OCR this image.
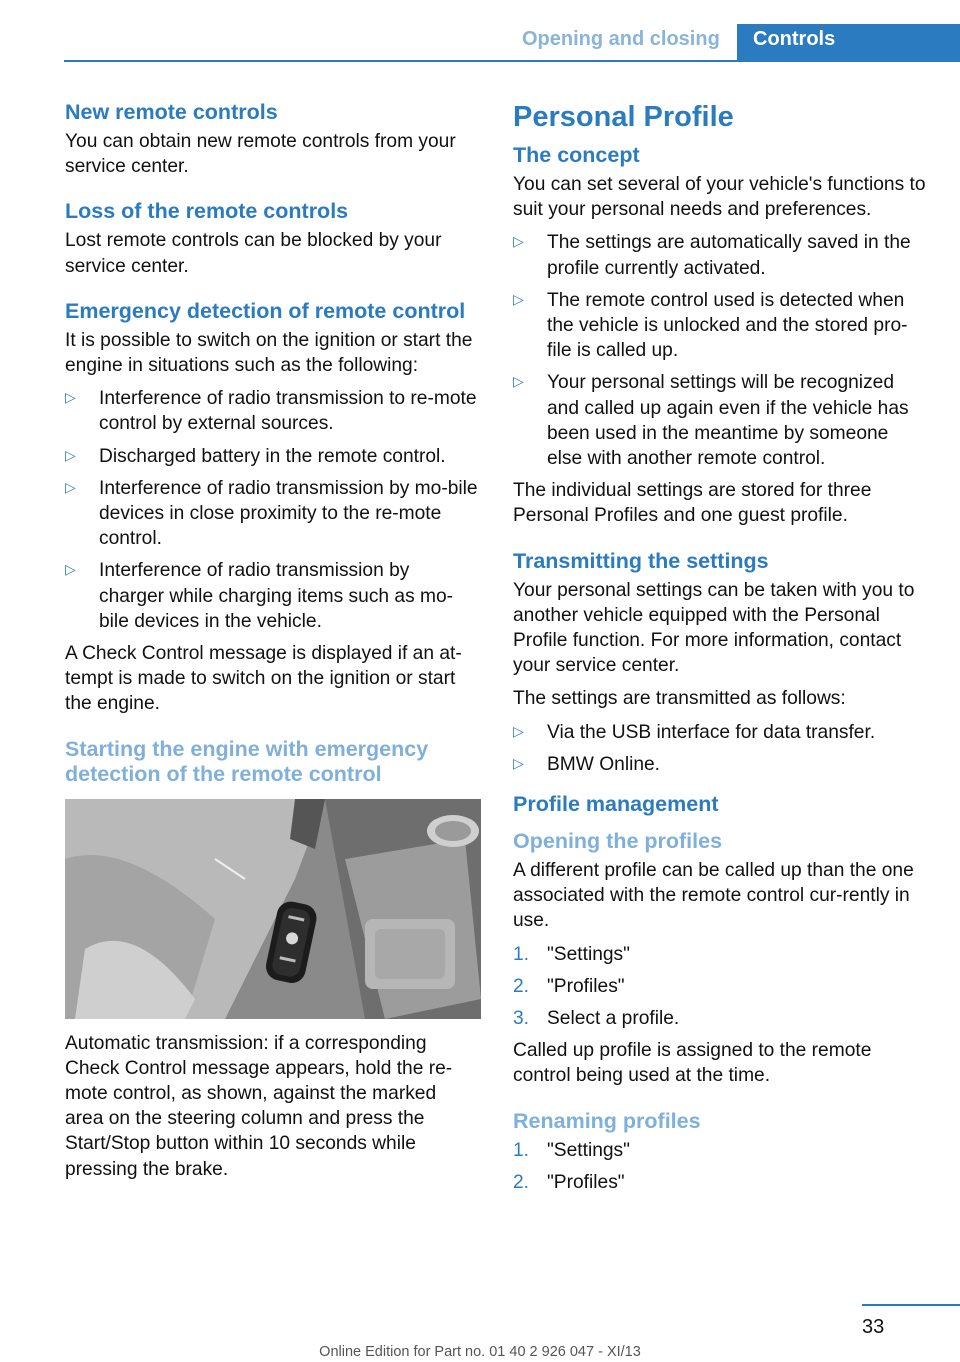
Opening and closing Controls
New remote controls

You can obtain new remote controls from your service center.

Loss of the remote controls

Lost remote controls can be blocked by your service center.

Emergency detection of remote control

It is possible to switch on the ignition or start the engine in situations such as the following:

▷ Interference of radio transmission to re‐mote control by external sources.
▷ Discharged battery in the remote control.
▷ Interference of radio transmission by mo‐bile devices in close proximity to the re‐mote control.
▷ Interference of radio transmission by charger while charging items such as mo‐bile devices in the vehicle.

A Check Control message is displayed if an at‐tempt is made to switch on the ignition or start the engine.

Starting the engine with emergency detection of the remote control

Automatic transmission: if a corresponding Check Control message appears, hold the re‐mote control, as shown, against the marked area on the steering column and press the Start/Stop button within 10 seconds while pressing the brake.

Personal Profile
The concept

You can set several of your vehicle's functions to suit your personal needs and preferences.

▷ The settings are automatically saved in the profile currently activated.
▷ The remote control used is detected when the vehicle is unlocked and the stored pro‐file is called up.
▷ Your personal settings will be recognized and called up again even if the vehicle has been used in the meantime by someone else with another remote control.

The individual settings are stored for three Personal Profiles and one guest profile.

Transmitting the settings

Your personal settings can be taken with you to another vehicle equipped with the Personal Profile function. For more information, contact your service center.

The settings are transmitted as follows:

▷ Via the USB interface for data transfer.
▷ BMW Online.
Profile management
Opening the profiles

A different profile can be called up than the one associated with the remote control cur‐rently in use.

1. "Settings"
2. "Profiles"
3. Select a profile.

Called up profile is assigned to the remote control being used at the time.

Renaming profiles
1. "Settings"
2. "Profiles"
33
Online Edition for Part no. 01 40 2 926 047 - XI/13
